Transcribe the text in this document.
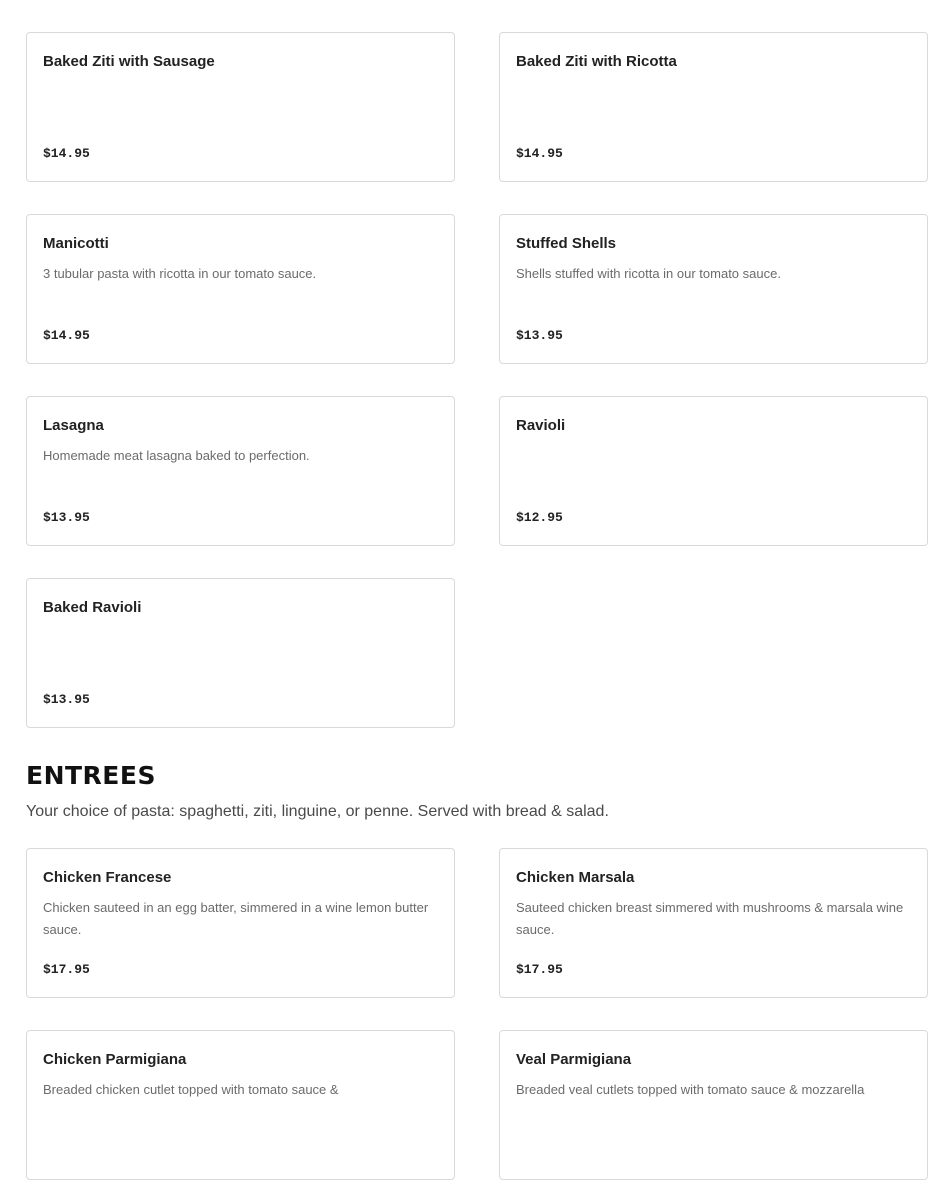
Baked Ziti with Sausage
$14.95
Baked Ziti with Ricotta
$14.95
Manicotti
3 tubular pasta with ricotta in our tomato sauce.
$14.95
Stuffed Shells
Shells stuffed with ricotta in our tomato sauce.
$13.95
Lasagna
Homemade meat lasagna baked to perfection.
$13.95
Ravioli
$12.95
Baked Ravioli
$13.95
ENTREES

Your choice of pasta: spaghetti, ziti, linguine, or penne. Served with bread & salad.

Chicken Francese
Chicken sauteed in an egg batter, simmered in a wine lemon butter sauce.
$17.95
Chicken Marsala
Sauteed chicken breast simmered with mushrooms & marsala wine sauce.
$17.95
Chicken Parmigiana
Breaded chicken cutlet topped with tomato sauce &
Veal Parmigiana
Breaded veal cutlets topped with tomato sauce & mozzarella
